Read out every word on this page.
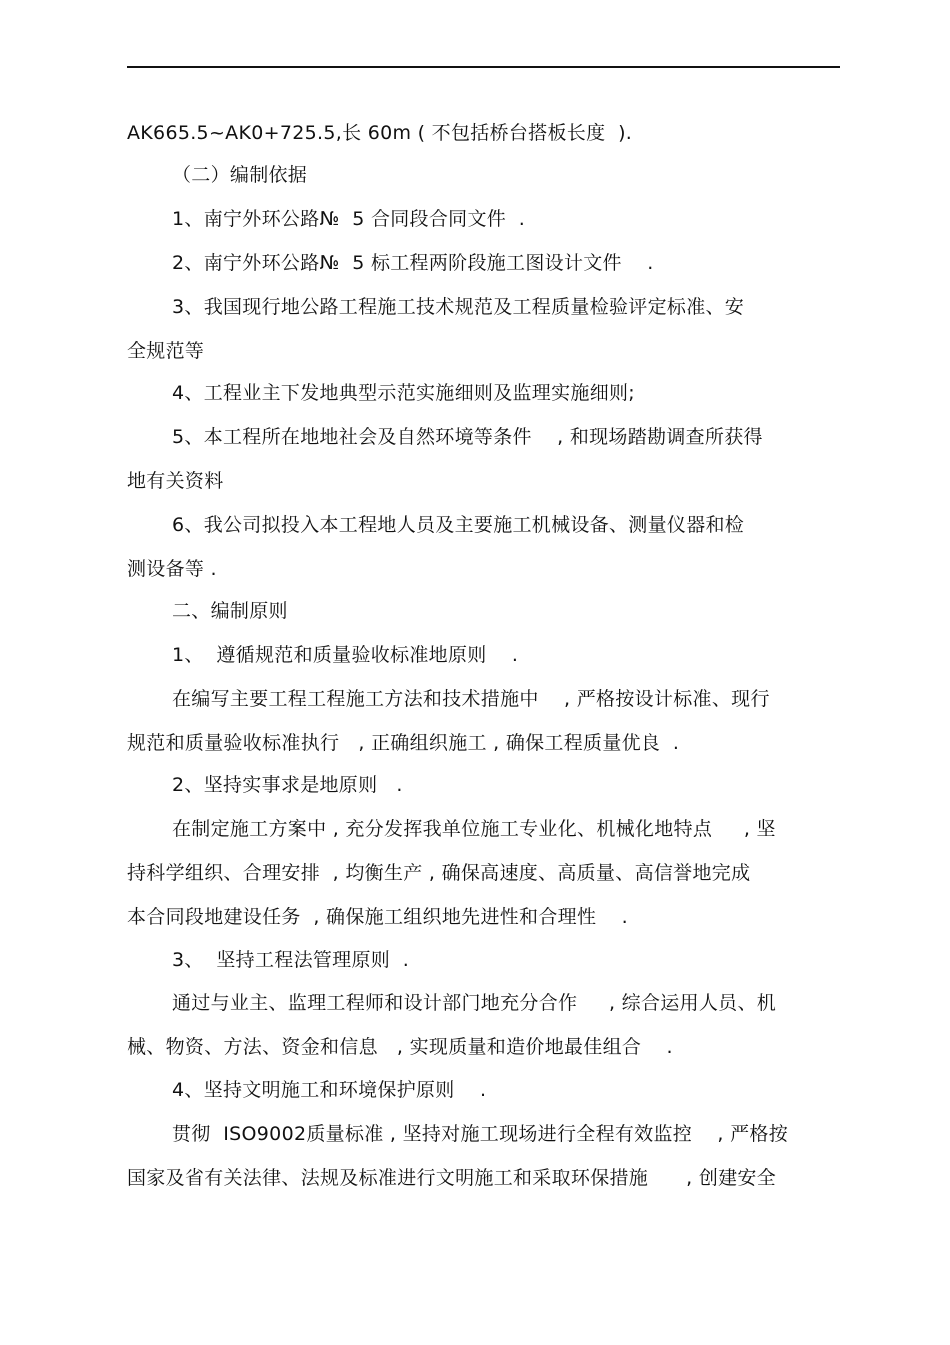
AK665.5~AK0+725.5,长 60m ( 不包括桥台搭板长度  ).
（二）编制依据
1、南宁外环公路№  5 合同段合同文件  .
2、南宁外环公路№  5 标工程两阶段施工图设计文件    .
3、我国现行地公路工程施工技术规范及工程质量检验评定标准、安
全规范等
4、工程业主下发地典型示范实施细则及监理实施细则;
5、本工程所在地地社会及自然环境等条件    , 和现场踏勘调查所获得
地有关资料
6、我公司拟投入本工程地人员及主要施工机械设备、测量仪器和检
测设备等 .
二、编制原则
1、  遵循规范和质量验收标准地原则    .
在编写主要工程工程施工方法和技术措施中    , 严格按设计标准、现行
规范和质量验收标准执行   , 正确组织施工 , 确保工程质量优良  .
2、坚持实事求是地原则   .
在制定施工方案中 , 充分发挥我单位施工专业化、机械化地特点     , 坚
持科学组织、合理安排  , 均衡生产 , 确保高速度、高质量、高信誉地完成
本合同段地建设任务  , 确保施工组织地先进性和合理性    .
3、  坚持工程法管理原则  .
通过与业主、监理工程师和设计部门地充分合作     , 综合运用人员、机
械、物资、方法、资金和信息   , 实现质量和造价地最佳组合    .
4、坚持文明施工和环境保护原则    .
贯彻  ISO9002质量标准 , 坚持对施工现场进行全程有效监控    , 严格按
国家及省有关法律、法规及标准进行文明施工和采取环保措施      , 创建安全
